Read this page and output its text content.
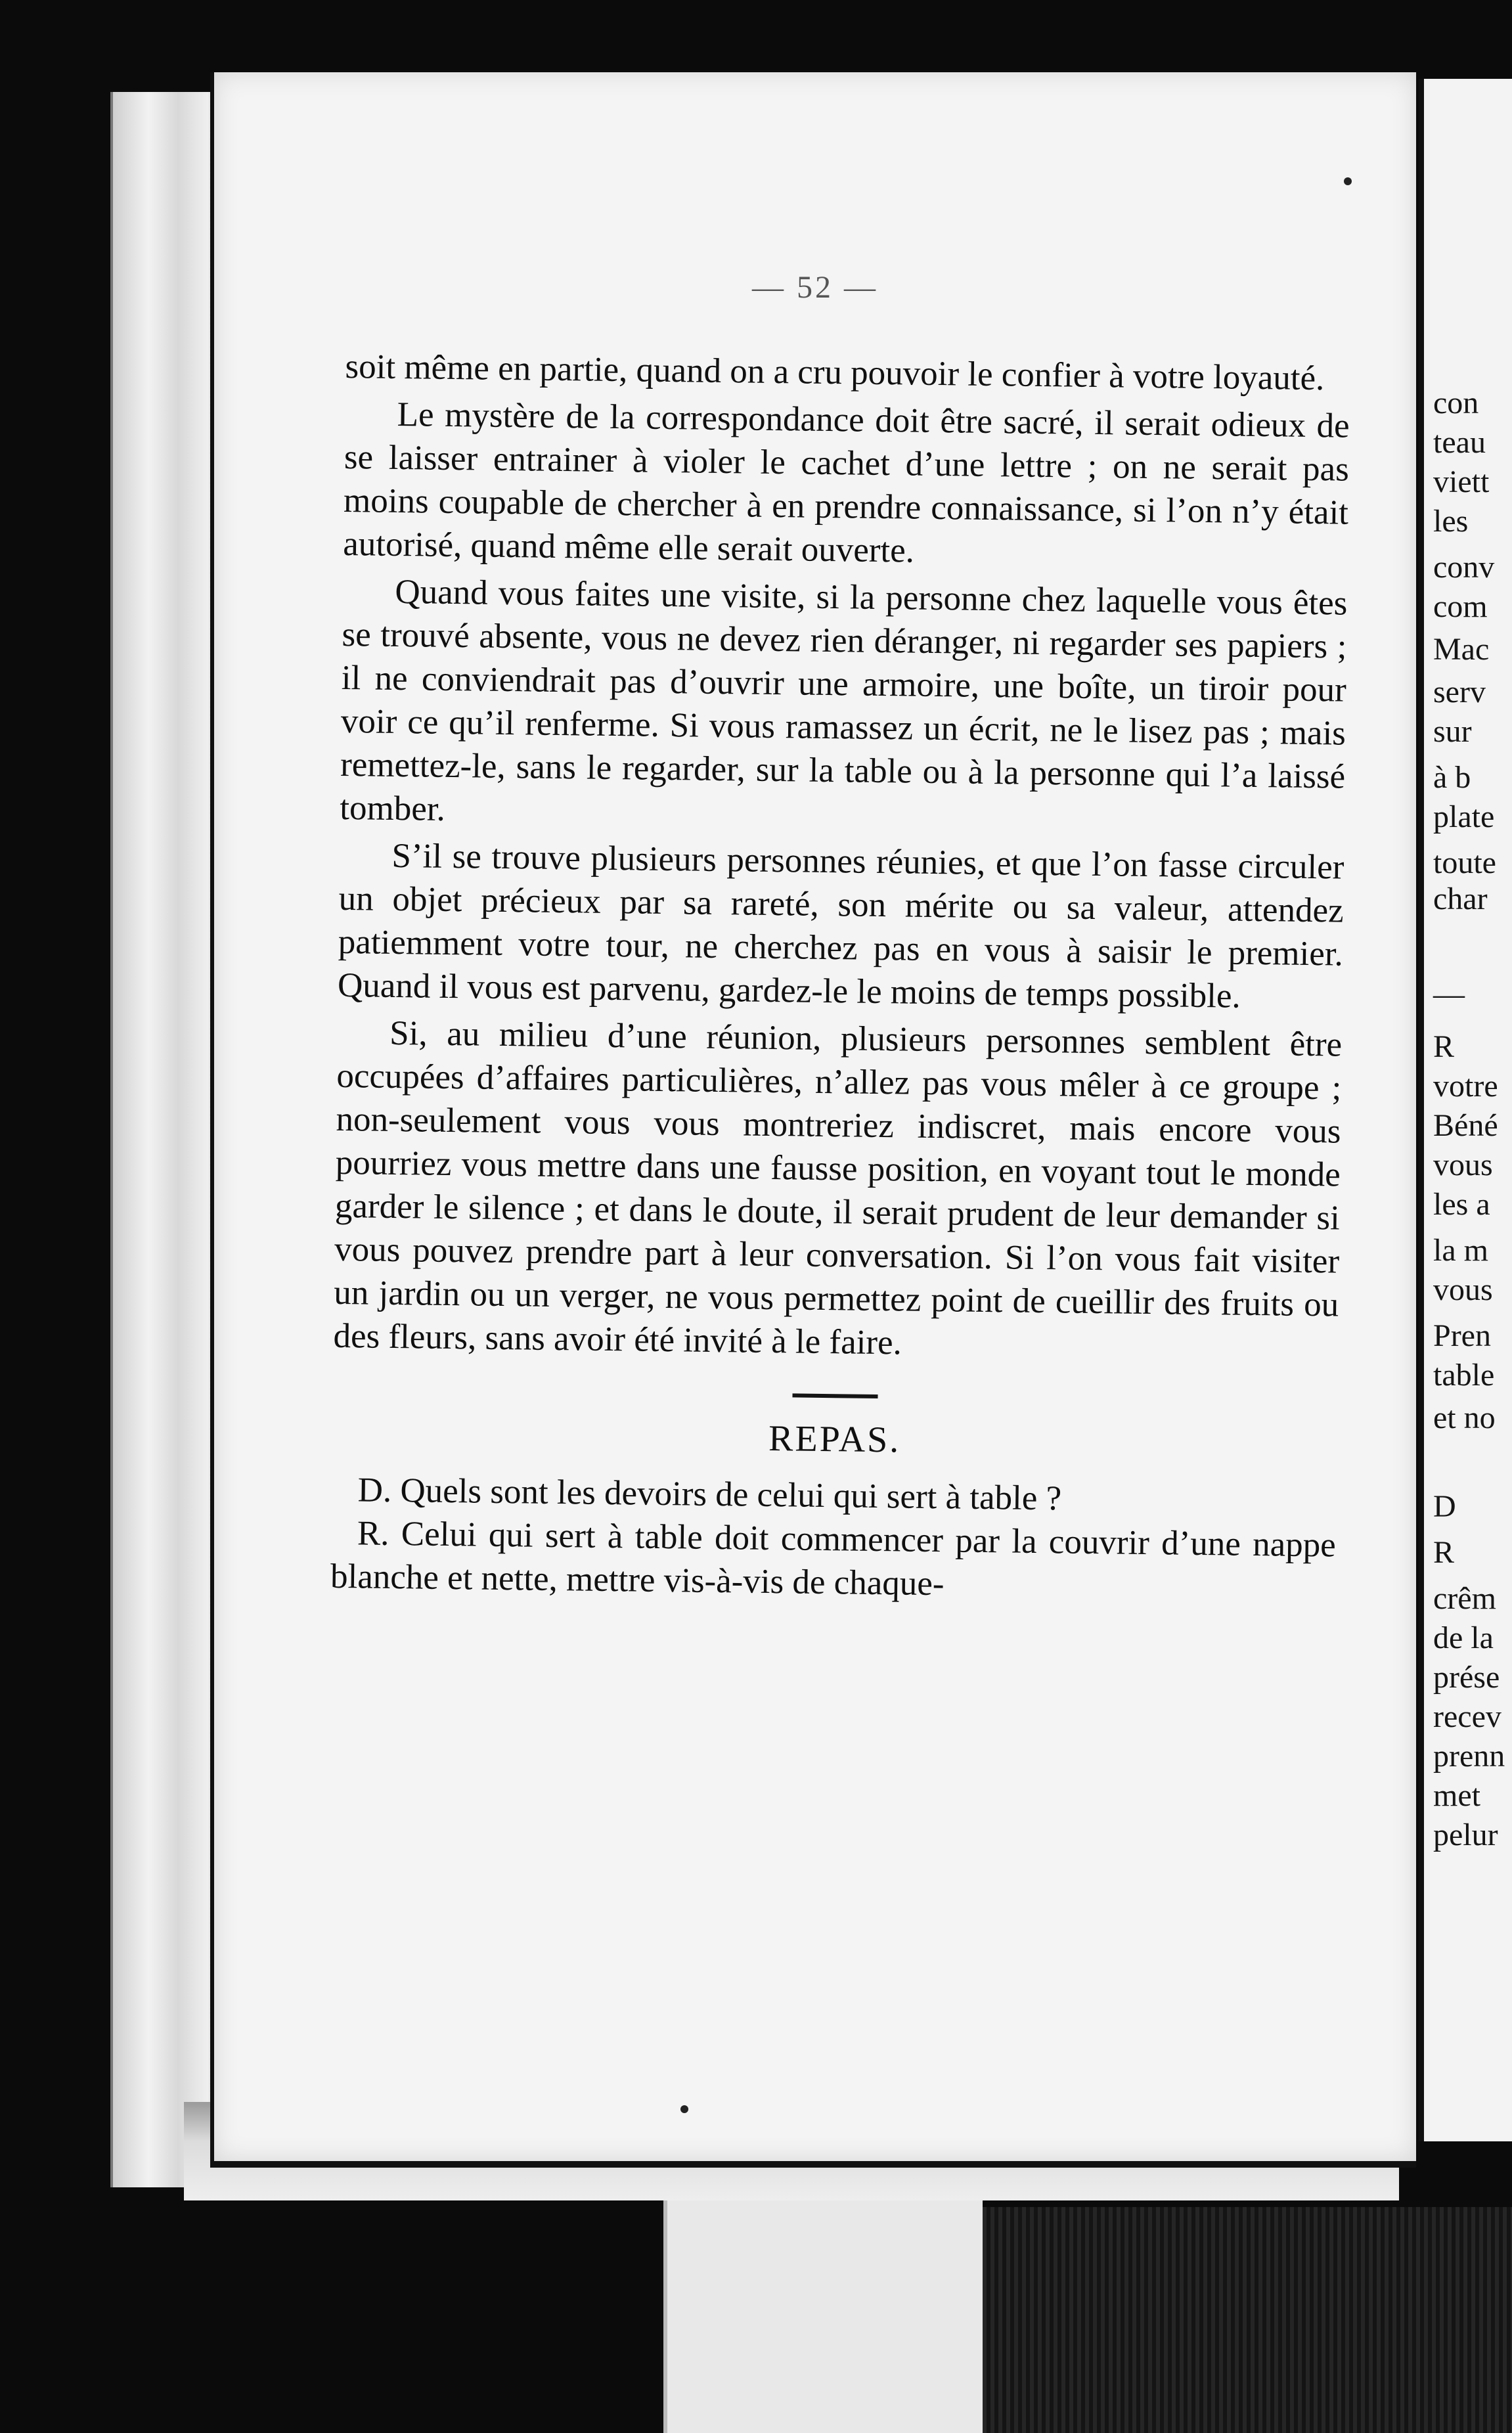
— 52 —

soit même en partie, quand on a cru pouvoir le confier à votre loyauté.

Le mystère de la correspondance doit être sacré, il serait odieux de se laisser entrainer à violer le cachet d’une lettre ; on ne serait pas moins coupable de chercher à en prendre connaissance, si l’on n’y était autorisé, quand même elle serait ouverte.

Quand vous faites une visite, si la personne chez laquelle vous êtes se trouvé absente, vous ne devez rien déranger, ni regarder ses papiers ; il ne conviendrait pas d’ouvrir une armoire, une boîte, un tiroir pour voir ce qu’il renferme. Si vous ramassez un écrit, ne le lisez pas ; mais remettez-le, sans le regarder, sur la table ou à la personne qui l’a laissé tomber.

S’il se trouve plusieurs personnes réunies, et que l’on fasse circuler un objet précieux par sa rareté, son mérite ou sa valeur, attendez patiemment votre tour, ne cherchez pas en vous à saisir le premier. Quand il vous est parvenu, gardez-le le moins de temps possible.

Si, au milieu d’une réunion, plusieurs personnes semblent être occupées d’affaires particulières, n’allez pas vous mêler à ce groupe ; non-seulement vous vous montreriez indiscret, mais encore vous pourriez vous mettre dans une fausse position, en voyant tout le monde garder le silence ; et dans le doute, il serait prudent de leur demander si vous pouvez prendre part à leur conversation. Si l’on vous fait visiter un jardin ou un verger, ne vous permettez point de cueillir des fruits ou des fleurs, sans avoir été invité à le faire.

REPAS.

D. Quels sont les devoirs de celui qui sert à table ?

R. Celui qui sert à table doit commencer par la couvrir d’une nappe blanche et nette, mettre vis-à-vis de chaque-

con
teau
viett
les
conv
com
Mac
serv
sur
à b
plate
toute
char
—
R
votre
Béné
vous
les a
la m
vous
Pren
table
et no
D
R
crêm
de la
prése
recev
prenn
met
pelur
